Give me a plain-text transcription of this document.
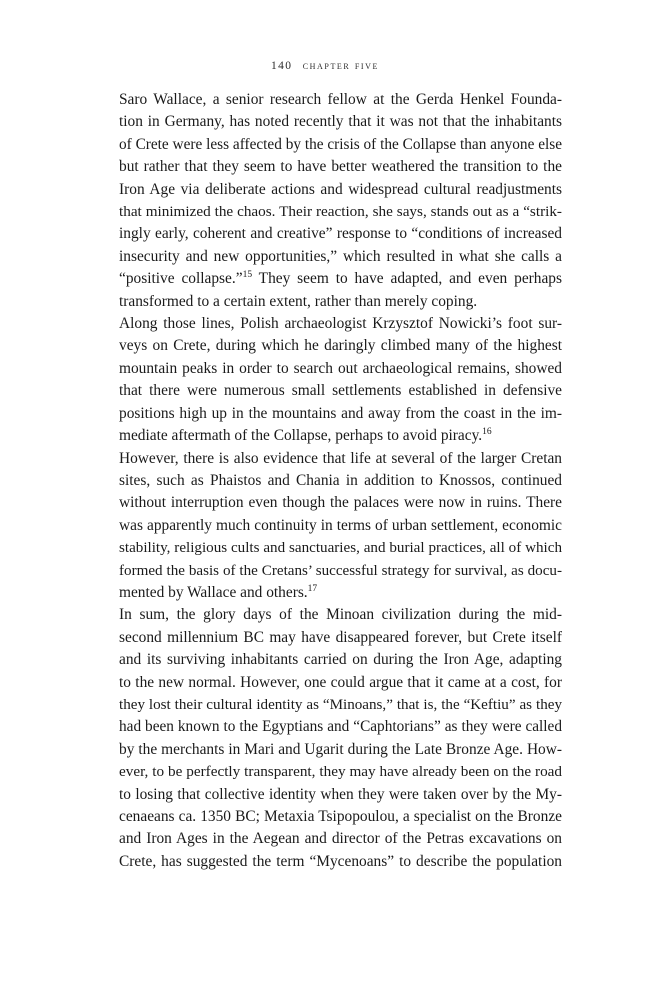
140 chapter five

Saro Wallace, a senior research fellow at the Gerda Henkel Founda-
tion in Germany, has noted recently that it was not that the inhabitants
of Crete were less affected by the crisis of the Collapse than anyone else
but rather that they seem to have better weathered the transition to the
Iron Age via deliberate actions and widespread cultural readjustments
that minimized the chaos. Their reaction, she says, stands out as a “strik-
ingly early, coherent and creative” response to “conditions of increased
insecurity and new opportunities,” which resulted in what she calls a
“positive collapse.”$^{15}$ They seem to have adapted, and even perhaps
transformed to a certain extent, rather than merely coping.

Along those lines, Polish archaeologist Krzysztof Nowicki’s foot sur-
veys on Crete, during which he daringly climbed many of the highest
mountain peaks in order to search out archaeological remains, showed
that there were numerous small settlements established in defensive
positions high up in the mountains and away from the coast in the im-
mediate aftermath of the Collapse, perhaps to avoid piracy.$^{16}$

However, there is also evidence that life at several of the larger Cretan
sites, such as Phaistos and Chania in addition to Knossos, continued
without interruption even though the palaces were now in ruins. There
was apparently much continuity in terms of urban settlement, economic
stability, religious cults and sanctuaries, and burial practices, all of which
formed the basis of the Cretans’ successful strategy for survival, as docu-
mented by Wallace and others.$^{17}$

In sum, the glory days of the Minoan civilization during the mid-
second millennium BC may have disappeared forever, but Crete itself
and its surviving inhabitants carried on during the Iron Age, adapting
to the new normal. However, one could argue that it came at a cost, for
they lost their cultural identity as “Minoans,” that is, the “Keftiu” as they
had been known to the Egyptians and “Caphtorians” as they were called
by the merchants in Mari and Ugarit during the Late Bronze Age. How-
ever, to be perfectly transparent, they may have already been on the road
to losing that collective identity when they were taken over by the My-
cenaeans ca. 1350 BC; Metaxia Tsipopoulou, a specialist on the Bronze
and Iron Ages in the Aegean and director of the Petras excavations on
Crete, has suggested the term “Mycenoans” to describe the population
